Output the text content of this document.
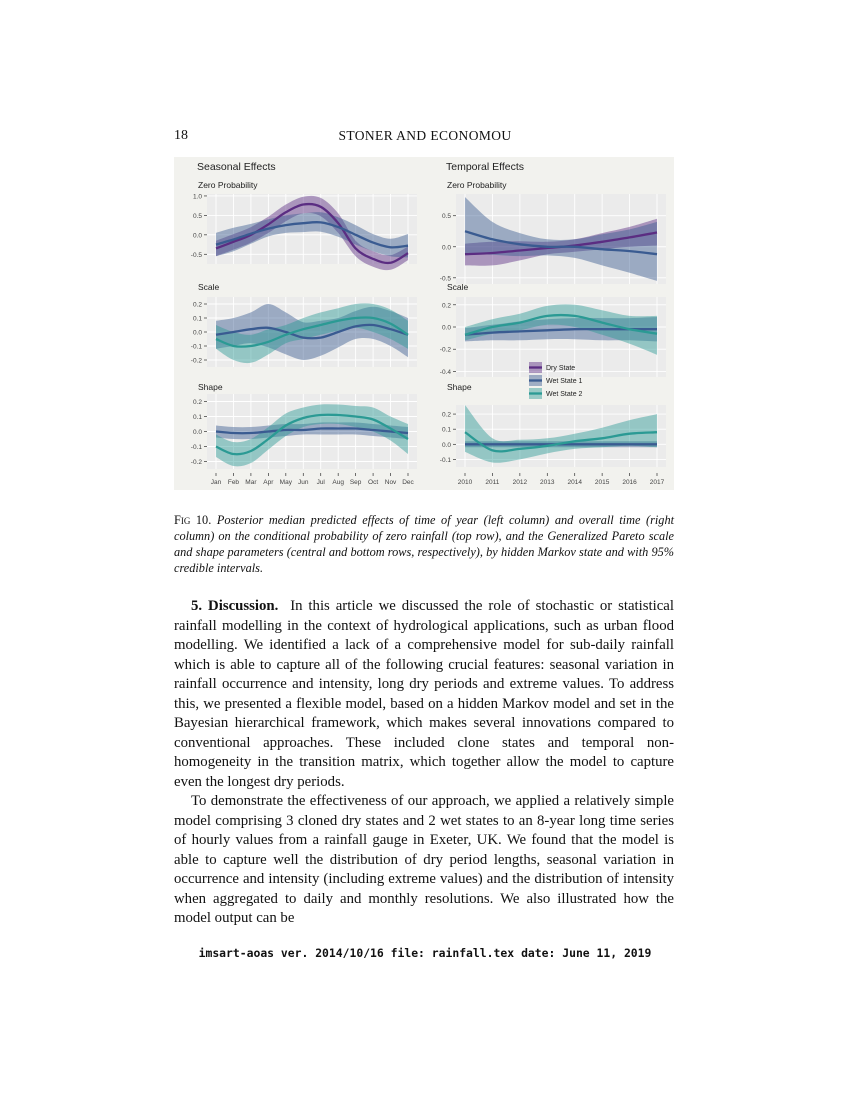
18	STONER AND ECONOMOU
Seasonal Effects
Zero Probability
1.0
0.5
0.0
-0.5
Temporal Effects
Zero Probability
0.5
0.0
-0.5
Scale
0.2
0.1
0.0
-0.1
-0.2
Scale
0.2
0.0
-0.2
-0.4
Shape
0.2
0.1
0.0
-0.1
-0.2
Jan Feb Mar Apr May Jun Jul Aug Sep Oct Nov Dec
Shape
0.2
0.1
0.0
-0.1
2010 2011 2012 2013 2014 2015 2016 2017
Dry State
Wet State 1
Wet State 2
Fig 10. Posterior median predicted effects of time of year (left column) and overall time (right column) on the conditional probability of zero rainfall (top row), and the Generalized Pareto scale and shape parameters (central and bottom rows, respectively), by hidden Markov state and with 95% credible intervals.

5. Discussion. In this article we discussed the role of stochastic or statistical rainfall modelling in the context of hydrological applications, such as urban flood modelling. We identified a lack of a comprehensive model for sub-daily rainfall which is able to capture all of the following crucial features: seasonal variation in rainfall occurrence and intensity, long dry periods and extreme values. To address this, we presented a flexible model, based on a hidden Markov model and set in the Bayesian hierarchical framework, which makes several innovations compared to conventional approaches. These included clone states and temporal non-homogeneity in the transition matrix, which together allow the model to capture even the longest dry periods.

To demonstrate the effectiveness of our approach, we applied a relatively simple model comprising 3 cloned dry states and 2 wet states to an 8-year long time series of hourly values from a rainfall gauge in Exeter, UK. We found that the model is able to capture well the distribution of dry period lengths, seasonal variation in occurrence and intensity (including extreme values) and the distribution of intensity when aggregated to daily and monthly resolutions. We also illustrated how the model output can be

imsart-aoas ver. 2014/10/16 file: rainfall.tex date: June 11, 2019
